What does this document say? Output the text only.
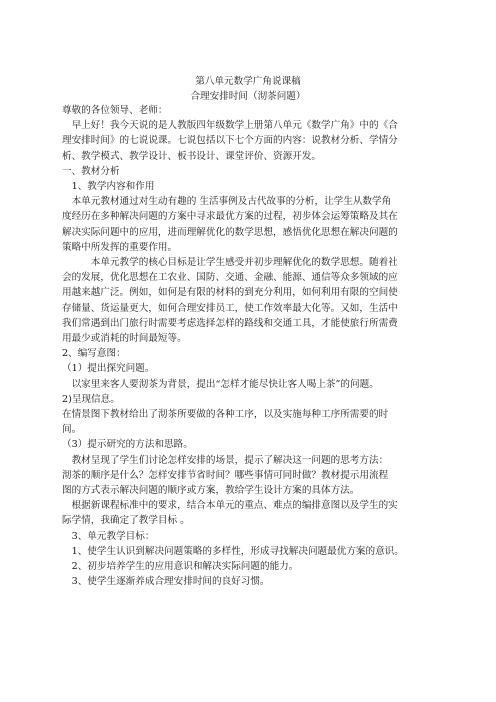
第八单元数学广角说课稿
合理安排时间（沏茶问题）
尊敬的各位领导、老师：
　早上好！我今天说的是人教版四年级数学上册第八单元《数学广角》中的《合
理安排时间》的七说说课。七说包括以下七个方面的内容：说教材分析、学情分
析、教学模式、教学设计、板书设计、课堂评价、资源开发。
一、教材分析
　1、教学内容和作用
　本单元教材通过对生动有趣的 生活事例及古代故事的分析，让学生从数学角
度经历在多种解决问题的方案中寻求最优方案的过程，初步体会运筹策略及其在
解决实际问题中的应用，进而理解优化的数学思想，感悟优化思想在解决问题的
策略中所发挥的重要作用。
　　　本单元教学的核心目标是让学生感受并初步理解优化的数学思想。随着社
会的发展，优化思想在工农业、国防、交通、金融、能源、通信等众多领域的应
用越来越广泛。例如，如何是有限的材料的到充分利用，如何利用有限的空间使
存储量、货运量更大，如何合理安排员工，使工作效率最大化等。又如，生活中
我们常遇到出门旅行时需要考虑选择怎样的路线和交通工具，才能使旅行所需费
用最少或消耗的时间最短等。
2、编写意图：
（1）提出探究问题。
　以家里来客人要沏茶为背景，提出“怎样才能尽快让客人喝上茶”的问题。
2)呈现信息。
在情景图下教材给出了沏茶所要做的各种工序，以及实施每种工序所需要的时
间。
（3）提示研究的方法和思路。
　教材呈现了学生们讨论怎样安排的场景，提示了解决这一问题的思考方法：
沏茶的顺序是什么？怎样安排节省时间？哪些事情可同时做？教材提示用流程
图的方式表示解决问题的顺序或方案，教给学生设计方案的具体方法。
　根据新课程标准中的要求，结合本单元的重点、难点的编排意图以及学生的实
际学情，我确定了教学目标 。
　3、单元教学目标：
　1、使学生认识到解决问题策略的多样性，形成寻找解决问题最优方案的意识。
　2、初步培养学生的应用意识和解决实际问题的能力。
　3、使学生逐渐养成合理安排时间的良好习惯。
